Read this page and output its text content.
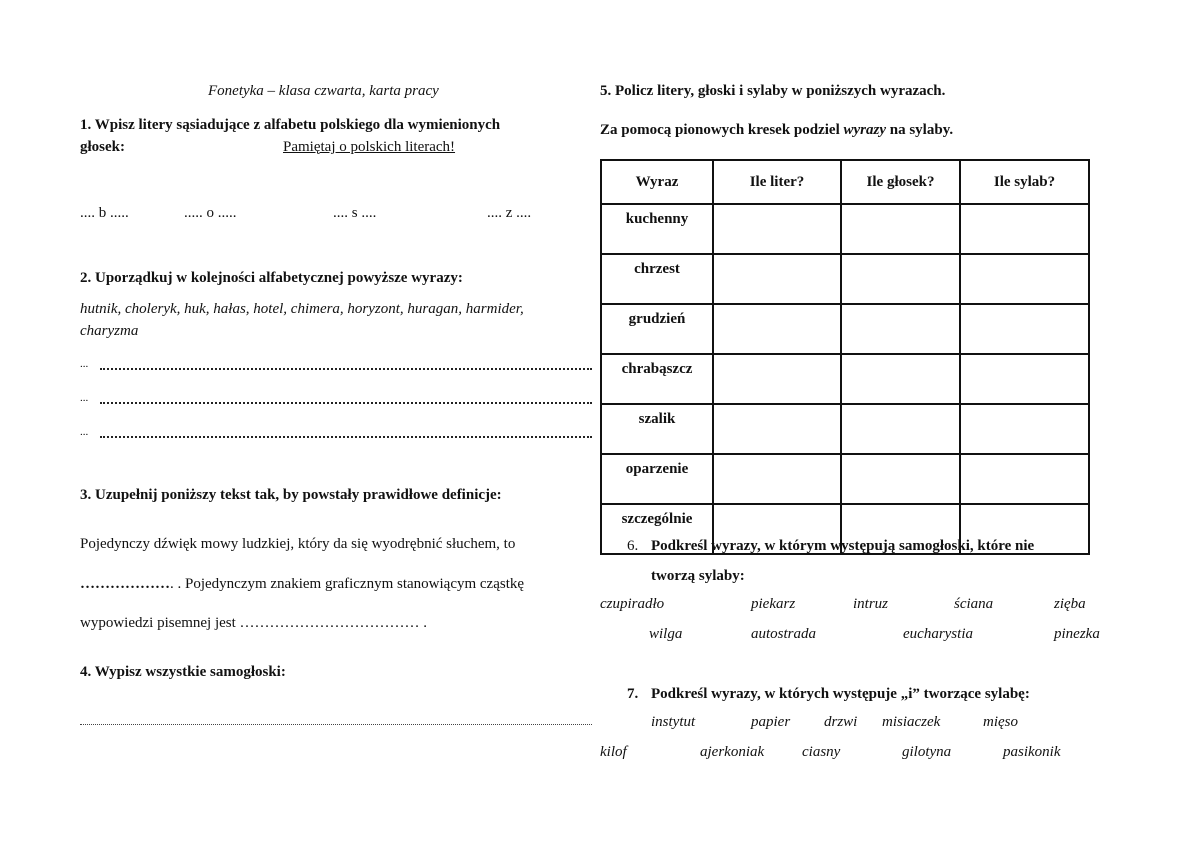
Fonetyka – klasa czwarta, karta pracy
1. Wpisz litery sąsiadujące z alfabetu polskiego dla wymienionych
głosek:	Pamiętaj o polskich literach!
.... b .....	..... o .....	.... s ....	.... z ....
2. Uporządkuj w kolejności alfabetycznej powyższe wyrazy:
hutnik, choleryk, huk, hałas, hotel, chimera, horyzont, huragan, harmider,
charyzma
...
...
...
3. Uzupełnij poniższy tekst tak, by powstały prawidłowe definicje:
Pojedynczy dźwięk mowy ludzkiej, który da się wyodrębnić słuchem, to
………………. . Pojedynczym znakiem graficznym stanowiącym cząstkę
wypowiedzi pisemnej jest ……………………………… .
4. Wypisz wszystkie samogłoski:
5. Policz litery, głoski i sylaby w poniższych wyrazach.
Za pomocą pionowych kresek podziel wyrazy na sylaby.
Wyraz	Ile liter?	Ile głosek?	Ile sylab?
kuchenny			
chrzest			
grudzień			
chrabąszcz			
szalik			
oparzenie			
szczególnie			
6. Podkreśl wyrazy, w którym występują samogłoski, które nie
tworzą sylaby:
czupiradło	piekarz	intruz	ściana	zięba
wilga	autostrada	eucharystia	pinezka
7. Podkreśl wyrazy, w których występuje „i” tworzące sylabę:
instytut	papier drzwi misiaczek	mięso
kilof	ajerkoniak	ciasny	gilotyna	pasikonik
